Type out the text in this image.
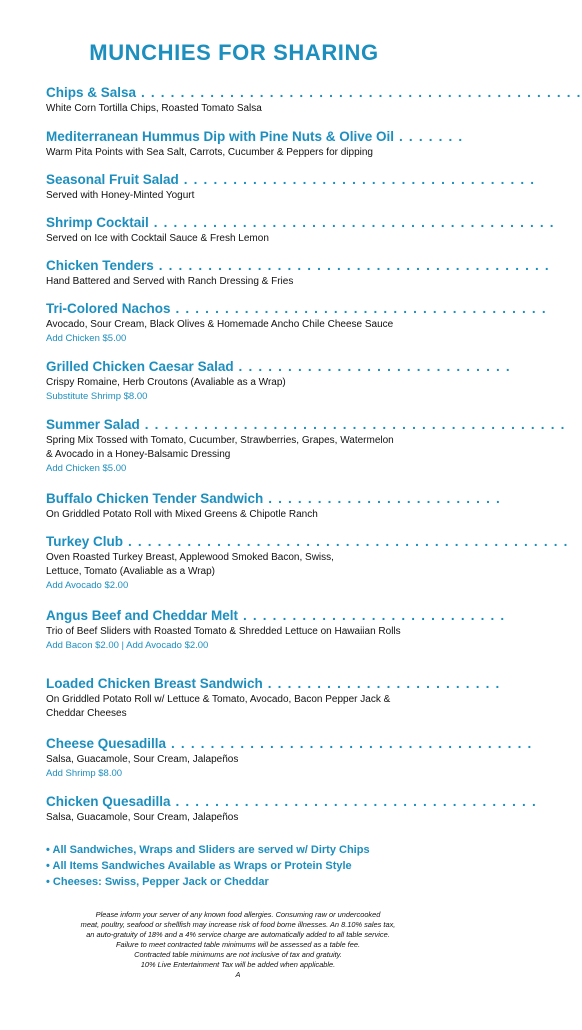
MUNCHIES FOR SHARING
Chips & Salsa . . . . . . . . . . . . . . . . . . . . . . . . . . . . . . . . . . . . . . . . . . . . .
White Corn Tortilla Chips, Roasted Tomato Salsa
Mediterranean Hummus Dip with Pine Nuts & Olive Oil . . . . . . .
Warm Pita Points with Sea Salt, Carrots, Cucumber & Peppers for dipping
Seasonal Fruit Salad . . . . . . . . . . . . . . . . . . . . . . . . . . . . . . . . . . . .
Served with Honey-Minted Yogurt
Shrimp Cocktail . . . . . . . . . . . . . . . . . . . . . . . . . . . . . . . . . . . . . . . . .
Served on Ice with Cocktail Sauce & Fresh Lemon
Chicken Tenders . . . . . . . . . . . . . . . . . . . . . . . . . . . . . . . . . . . . . . . .
Hand Battered and Served with Ranch Dressing & Fries
Tri-Colored Nachos . . . . . . . . . . . . . . . . . . . . . . . . . . . . . . . . . . . . . .
Avocado, Sour Cream, Black Olives & Homemade Ancho Chile Cheese Sauce
Add Chicken $5.00
Grilled Chicken Caesar Salad . . . . . . . . . . . . . . . . . . . . . . . . . . . .
Crispy Romaine, Herb Croutons (Avaliable as a Wrap)
Substitute Shrimp $8.00
Summer Salad . . . . . . . . . . . . . . . . . . . . . . . . . . . . . . . . . . . . . . . . . . .
Spring Mix Tossed with Tomato, Cucumber, Strawberries, Grapes, Watermelon
& Avocado in a Honey-Balsamic Dressing
Add Chicken $5.00
Buffalo Chicken Tender Sandwich . . . . . . . . . . . . . . . . . . . . . . . .
On Griddled Potato Roll with Mixed Greens & Chipotle Ranch
Turkey Club . . . . . . . . . . . . . . . . . . . . . . . . . . . . . . . . . . . . . . . . . . . . .
Oven Roasted Turkey Breast, Applewood Smoked Bacon, Swiss,
Lettuce, Tomato (Avaliable as a Wrap)
Add Avocado $2.00
Angus Beef and Cheddar Melt . . . . . . . . . . . . . . . . . . . . . . . . . . .
Trio of Beef Sliders with Roasted Tomato & Shredded Lettuce on Hawaiian Rolls
Add Bacon $2.00 | Add Avocado $2.00
Loaded Chicken Breast Sandwich . . . . . . . . . . . . . . . . . . . . . . . .
On Griddled Potato Roll w/ Lettuce & Tomato, Avocado, Bacon Pepper Jack &
Cheddar Cheeses
Cheese Quesadilla . . . . . . . . . . . . . . . . . . . . . . . . . . . . . . . . . . . . .
Salsa, Guacamole, Sour Cream, Jalapeños
Add Shrimp $8.00
Chicken Quesadilla . . . . . . . . . . . . . . . . . . . . . . . . . . . . . . . . . . . . .
Salsa, Guacamole, Sour Cream, Jalapeños
• All Sandwiches, Wraps and Sliders are served w/ Dirty Chips
• All Items Sandwiches Available as Wraps or Protein Style
• Cheeses: Swiss, Pepper Jack or Cheddar
Please inform your server of any known food allergies. Consuming raw or undercooked
meat, poultry, seafood or shellfish may increase risk of food borne illnesses. An 8.10% sales tax,
an auto-gratuity of 18% and a 4% service charge are automatically added to all table service.
Failure to meet contracted table minimums will be assessed as a table fee.
Contracted table minimums are not inclusive of tax and gratuity.
10% Live Entertainment Tax will be added when applicable.
A
